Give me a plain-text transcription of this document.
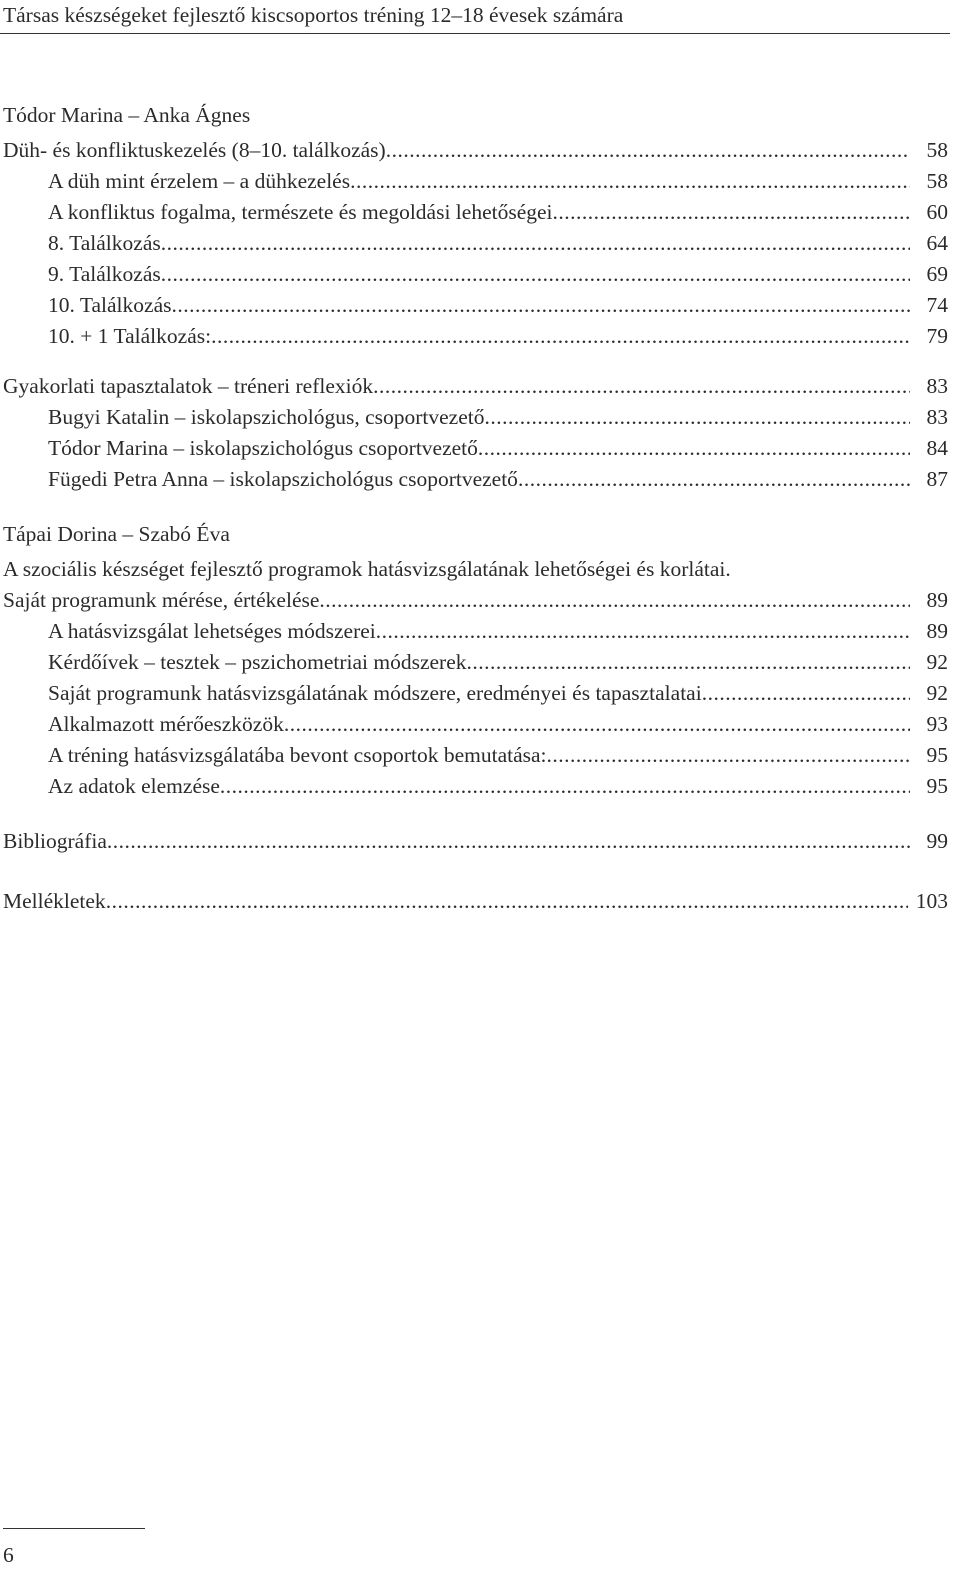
Társas készségeket fejlesztő kiscsoportos tréning 12–18 évesek számára
Tódor Marina – Anka Ágnes
Düh- és konfliktuskezelés (8–10. találkozás) .....	58
A düh mint érzelem – a dühkezelés .....	58
A konfliktus fogalma, természete és megoldási lehetőségei .....	60
8. Találkozás .....	64
9. Találkozás .....	69
10. Találkozás .....	74
10. + 1 Találkozás: .....	79
Gyakorlati tapasztalatok – tréneri reflexiók .....	83
Bugyi Katalin – iskolapszichológus, csoportvezető .....	83
Tódor Marina – iskolapszichológus csoportvezető .....	84
Fügedi Petra Anna – iskolapszichológus csoportvezető .....	87
Tápai Dorina – Szabó Éva
A szociális készséget fejlesztő programok hatásvizsgálatának lehetőségei és korlátai.
Saját programunk mérése, értékelése .....	89
A hatásvizsgálat lehetséges módszerei .....	89
Kérdőívek – tesztek – pszichometriai módszerek .....	92
Saját programunk hatásvizsgálatának módszere, eredményei és tapasztalatai .....	92
Alkalmazott mérőeszközök .....	93
A tréning hatásvizsgálatába bevont csoportok bemutatása: .....	95
Az adatok elemzése .....	95
Bibliográfia .....	99
Mellékletek .....	103
6
